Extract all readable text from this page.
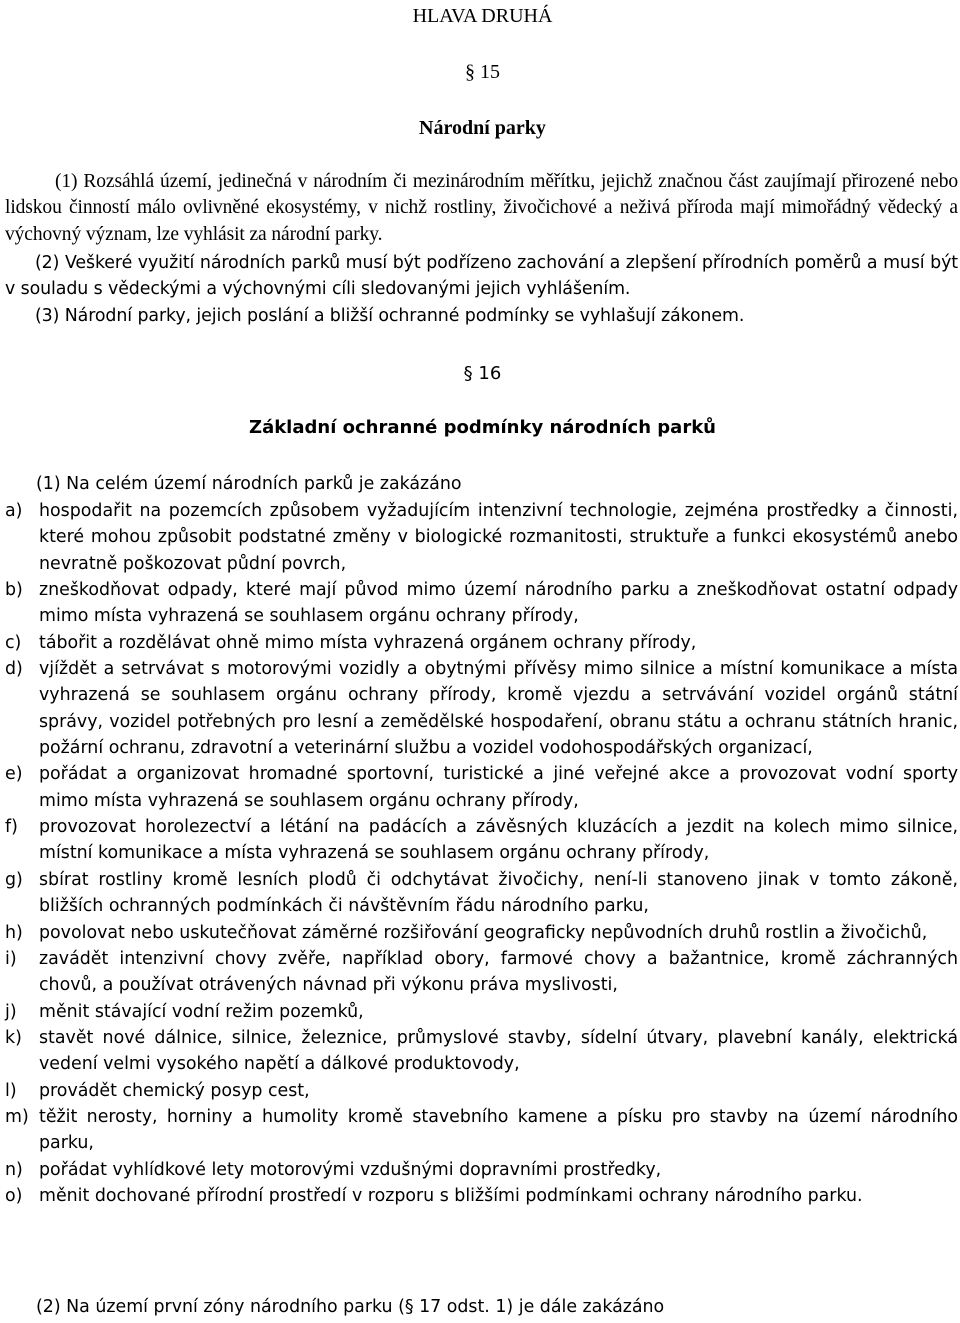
HLAVA DRUHÁ
§ 15
Národní parky
(1) Rozsáhlá území, jedinečná v národním či mezinárodním měřítku, jejichž značnou část zaujímají přirozené nebo lidskou činností málo ovlivněné ekosystémy, v nichž rostliny, živočichové a neživá příroda mají mimořádný vědecký a výchovný význam, lze vyhlásit za národní parky.
(2) Veškeré využití národních parků musí být podřízeno zachování a zlepšení přírodních poměrů a musí být v souladu s vědeckými a výchovnými cíli sledovanými jejich vyhlášením.
(3) Národní parky, jejich poslání a bližší ochranné podmínky se vyhlašují zákonem.
§ 16
Základní ochranné podmínky národních parků
(1) Na celém území národních parků je zakázáno
a) hospodařit na pozemcích způsobem vyžadujícím intenzivní technologie, zejména prostředky a činnosti, které mohou způsobit podstatné změny v biologické rozmanitosti, struktuře a funkci ekosystémů anebo nevratně poškozovat půdní povrch,
b) zneškodňovat odpady, které mají původ mimo území národního parku a zneškodňovat ostatní odpady mimo místa vyhrazená se souhlasem orgánu ochrany přírody,
c)	tábořit a rozdělávat ohně mimo místa vyhrazená orgánem ochrany přírody,
d) vjíždět a setrvávat s motorovými vozidly a obytnými přívěsy mimo silnice a místní komunikace a místa vyhrazená se souhlasem orgánu ochrany přírody, kromě vjezdu a setrvávání vozidel orgánů státní správy, vozidel potřebných pro lesní a zemědělské hospodaření, obranu státu a ochranu státních hranic, požární ochranu, zdravotní a veterinární službu a vozidel vodohospodářských organizací,
e) pořádat a organizovat hromadné sportovní, turistické a jiné veřejné akce a provozovat vodní sporty mimo místa vyhrazená se souhlasem orgánu ochrany přírody,
f)	provozovat horolezectví a létání na padácích a závěsných kluzácích a jezdit na kolech mimo silnice, místní komunikace a místa vyhrazená se souhlasem orgánu ochrany přírody,
g) sbírat rostliny kromě lesních plodů či odchytávat živočichy, není-li stanoveno jinak v tomto zákoně, bližších ochranných podmínkách či návštěvním řádu národního parku,
h) povolovat nebo uskutečňovat záměrné rozšiřování geograficky nepůvodních druhů rostlin a živočichů,
i)	zavádět intenzivní chovy zvěře, například obory, farmové chovy a bažantnice, kromě záchranných chovů, a používat otrávených návnad při výkonu práva myslivosti,
j)	měnit stávající vodní režim pozemků,
k) stavět nové dálnice, silnice, železnice, průmyslové stavby, sídelní útvary, plavební kanály, elektrická vedení velmi vysokého napětí a dálkové produktovody,
l)	provádět chemický posyp cest,
m) těžit nerosty, horniny a humolity kromě stavebního kamene a písku pro stavby na území národního parku,
n) pořádat vyhlídkové lety motorovými vzdušnými dopravními prostředky,
o) měnit dochované přírodní prostředí v rozporu s bližšími podmínkami ochrany národního parku.
(2) Na území první zóny národního parku (§ 17 odst. 1) je dále zakázáno
